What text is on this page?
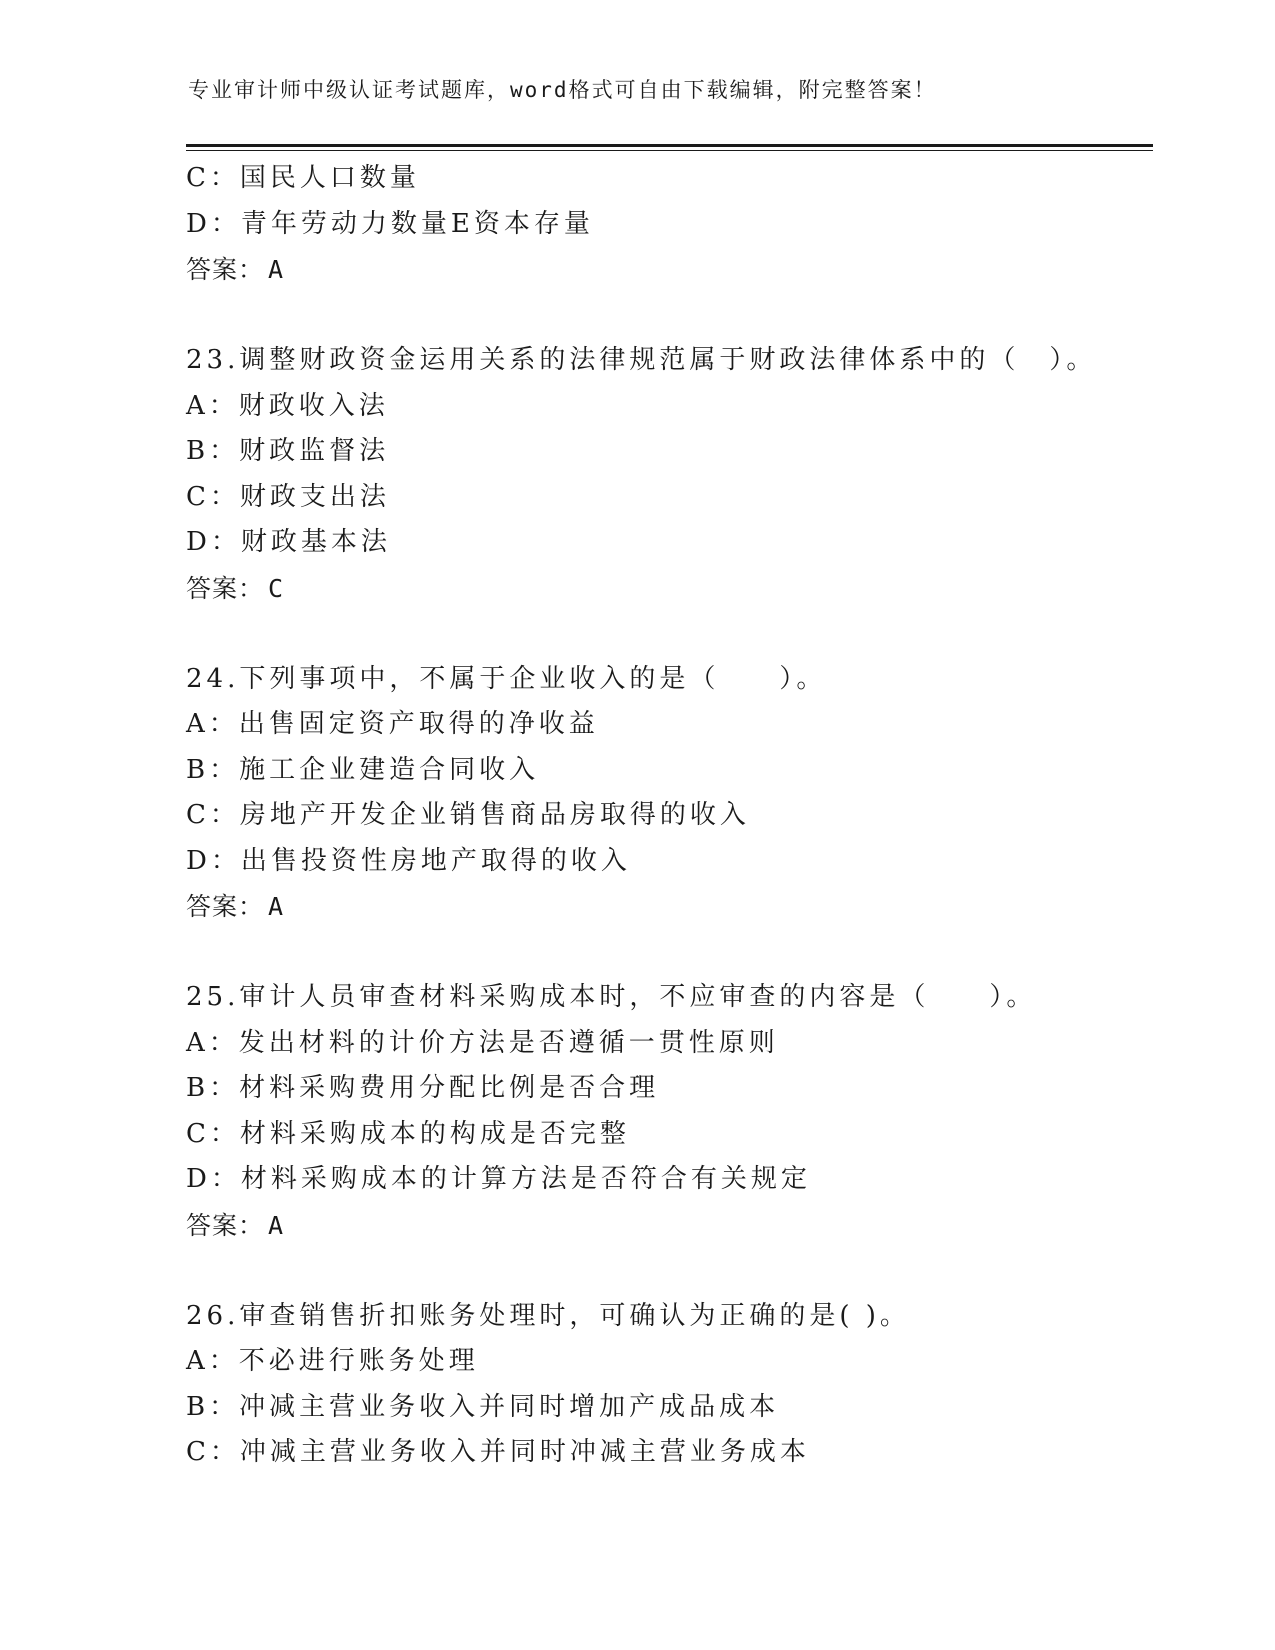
专业审计师中级认证考试题库，word格式可自由下载编辑，附完整答案！
C：国民人口数量
D：青年劳动力数量E资本存量
答案： A
23.调整财政资金运用关系的法律规范属于财政法律体系中的（　）。
A：财政收入法
B：财政监督法
C：财政支出法
D：财政基本法
答案： C
24.下列事项中，不属于企业收入的是（　　）。
A：出售固定资产取得的净收益
B：施工企业建造合同收入
C：房地产开发企业销售商品房取得的收入
D：出售投资性房地产取得的收入
答案： A
25.审计人员审查材料采购成本时，不应审查的内容是（　　）。
A：发出材料的计价方法是否遵循一贯性原则
B：材料采购费用分配比例是否合理
C：材料采购成本的构成是否完整
D：材料采购成本的计算方法是否符合有关规定
答案： A
26.审查销售折扣账务处理时，可确认为正确的是( )。
A：不必进行账务处理
B：冲减主营业务收入并同时增加产成品成本
C：冲减主营业务收入并同时冲减主营业务成本
